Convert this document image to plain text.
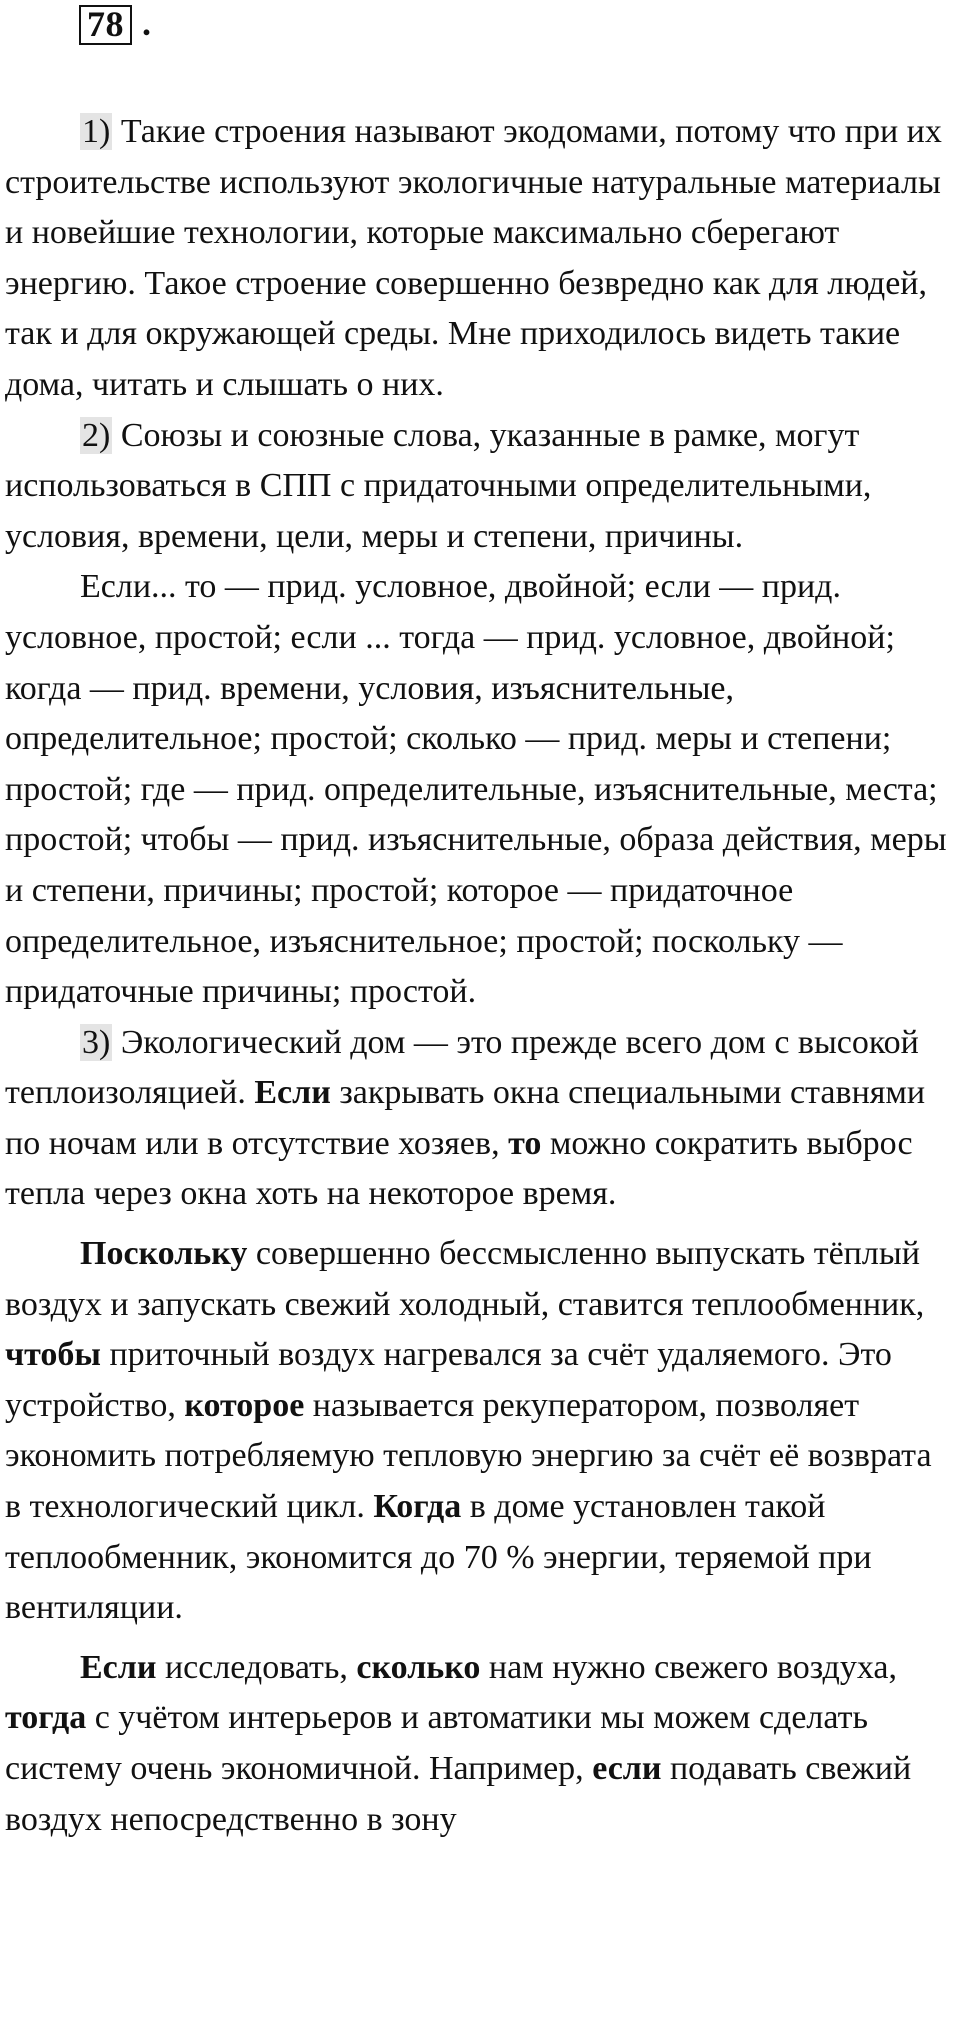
78 .

1) Такие строения называют экодомами, потому что при их строительстве используют экологичные натуральные материалы и новейшие технологии, которые максимально сберегают энергию. Такое строение совершенно безвредно как для людей, так и для окружающей среды. Мне приходилось видеть такие дома, читать и слышать о них.

2) Союзы и союзные слова, указанные в рамке, могут использоваться в СПП с придаточными определительными, условия, времени, цели, меры и степени, причины.

Если... то — прид. условное, двойной; если — прид. условное, простой; если ... тогда — прид. условное, двойной; когда — прид. времени, условия, изъяснительные, определительное; простой; сколько — прид. меры и степени; простой; где — прид. определительные, изъяснительные, места; простой; чтобы — прид. изъяснительные, образа действия, меры и степени, причины; простой; которое — придаточное определительное, изъяснительное; простой; поскольку — придаточные причины; простой.

3) Экологический дом — это прежде всего дом с высокой теплоизоляцией. Если закрывать окна специальными ставнями по ночам или в отсутствие хозяев, то можно сократить выброс тепла через окна хоть на некоторое время.

Поскольку совершенно бессмысленно выпускать тёплый воздух и запускать свежий холодный, ставится теплообменник, чтобы приточный воздух нагревался за счёт удаляемого. Это устройство, которое называется рекуператором, позволяет экономить потребляемую тепловую энергию за счёт её возврата в технологический цикл. Когда в доме установлен такой теплообменник, экономится до 70 % энергии, теряемой при вентиляции.

Если исследовать, сколько нам нужно свежего воздуха, тогда с учётом интерьеров и автоматики мы можем сделать систему очень экономичной. Например, если подавать свежий воздух непосредственно в зону
